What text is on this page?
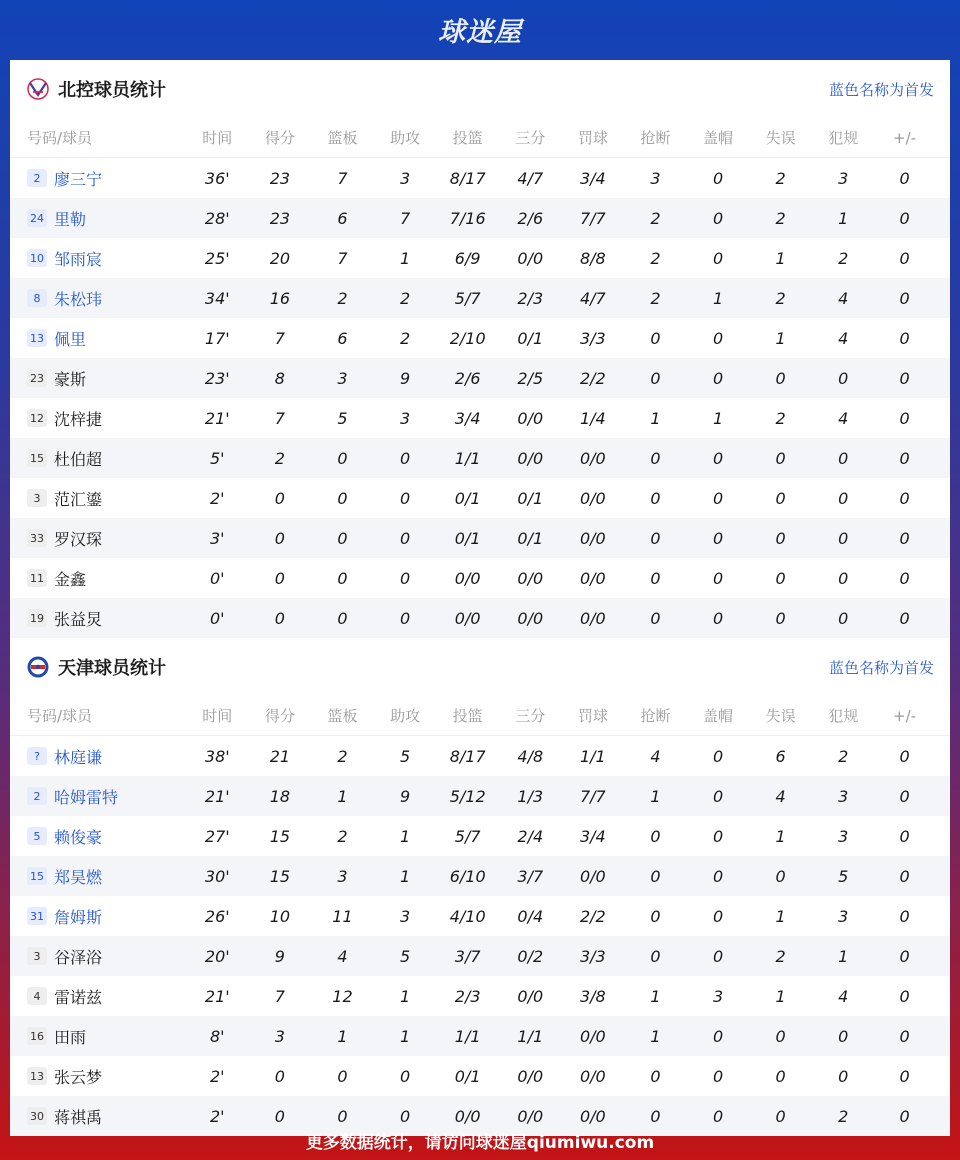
球迷屋
北控球员统计	蓝色名称为首发
号码/球员	时间	得分	篮板	助攻	投篮	三分	罚球	抢断	盖帽	失误	犯规	+/-
2 廖三宁	36'	23	7	3	8/17	4/7	3/4	3	0	2	3	0
24 里勒	28'	23	6	7	7/16	2/6	7/7	2	0	2	1	0
10 邹雨宸	25'	20	7	1	6/9	0/0	8/8	2	0	1	2	0
8 朱松玮	34'	16	2	2	5/7	2/3	4/7	2	1	2	4	0
13 佩里	17'	7	6	2	2/10	0/1	3/3	0	0	1	4	0
23 豪斯	23'	8	3	9	2/6	2/5	2/2	0	0	0	0	0
12 沈梓捷	21'	7	5	3	3/4	0/0	1/4	1	1	2	4	0
15 杜伯超	5'	2	0	0	1/1	0/0	0/0	0	0	0	0	0
3 范汇鎏	2'	0	0	0	0/1	0/1	0/0	0	0	0	0	0
33 罗汉琛	3'	0	0	0	0/1	0/1	0/0	0	0	0	0	0
11 金鑫	0'	0	0	0	0/0	0/0	0/0	0	0	0	0	0
19 张益炅	0'	0	0	0	0/0	0/0	0/0	0	0	0	0	0
天津球员统计	蓝色名称为首发
号码/球员	时间	得分	篮板	助攻	投篮	三分	罚球	抢断	盖帽	失误	犯规	+/-
? 林庭谦	38'	21	2	5	8/17	4/8	1/1	4	0	6	2	0
2 哈姆雷特	21'	18	1	9	5/12	1/3	7/7	1	0	4	3	0
5 赖俊豪	27'	15	2	1	5/7	2/4	3/4	0	0	1	3	0
15 郑昊燃	30'	15	3	1	6/10	3/7	0/0	0	0	0	5	0
31 詹姆斯	26'	10	11	3	4/10	0/4	2/2	0	0	1	3	0
3 谷泽浴	20'	9	4	5	3/7	0/2	3/3	0	0	2	1	0
4 雷诺兹	21'	7	12	1	2/3	0/0	3/8	1	3	1	4	0
16 田雨	8'	3	1	1	1/1	1/1	0/0	1	0	0	0	0
13 张云梦	2'	0	0	0	0/1	0/0	0/0	0	0	0	0	0
30 蒋祺禹	2'	0	0	0	0/0	0/0	0/0	0	0	0	2	0
更多数据统计，请访问球迷屋qiumiwu.com
